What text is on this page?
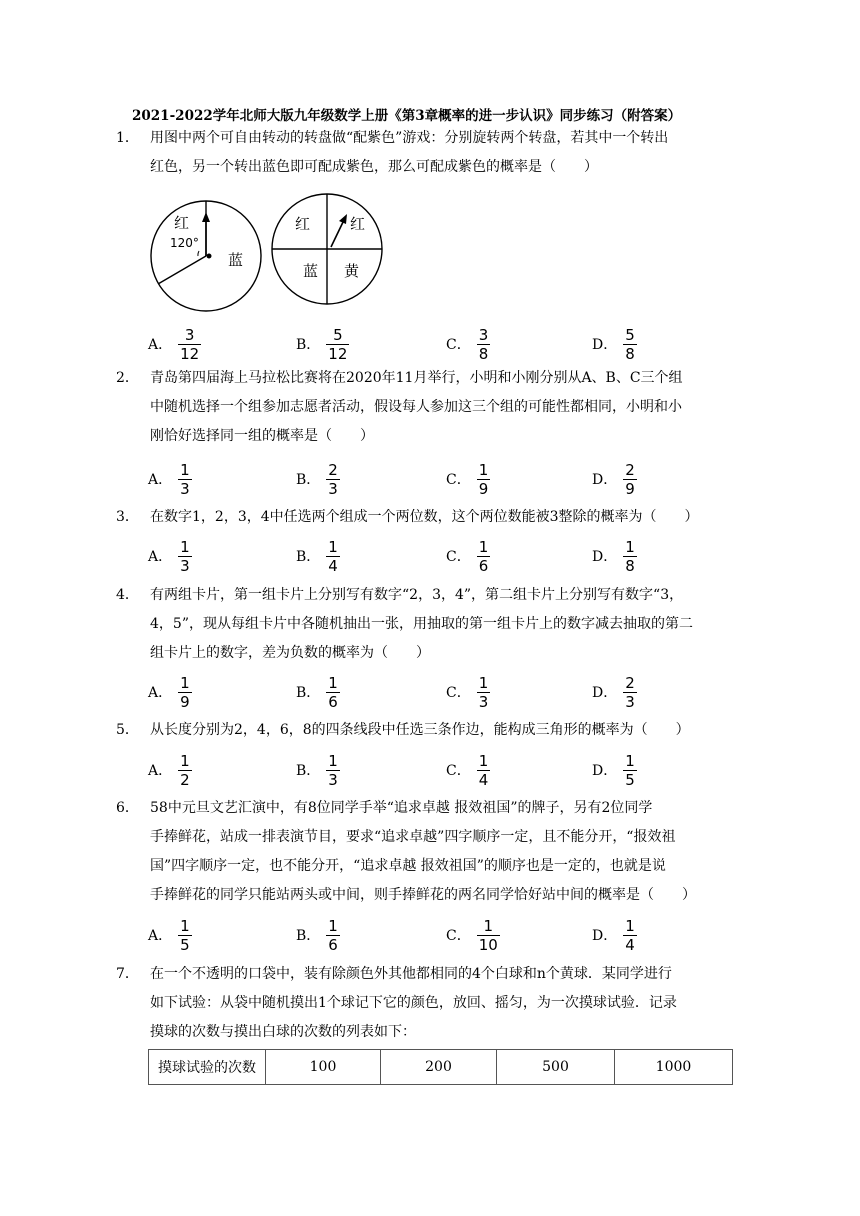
2021-2022学年北师大版九年级数学上册《第3章概率的进一步认识》同步练习（附答案）
1． 用图中两个可自由转动的转盘做“配紫色”游戏：分别旋转两个转盘，若其中一个转出
红色，另一个转出蓝色即可配成紫色，那么可配成紫色的概率是（　　）
红
120°
蓝
红	红
蓝 黄
A． $\frac{3}{12}$	B． $\frac{5}{12}$	C． $\frac{3}{8}$	D． $\frac{5}{8}$
2． 青岛第四届海上马拉松比赛将在2020年11月举行，小明和小刚分别从A、B、C三个组
中随机选择一个组参加志愿者活动，假设每人参加这三个组的可能性都相同，小明和小
刚恰好选择同一组的概率是（　　）
A． $\frac{1}{3}$	B． $\frac{2}{3}$	C． $\frac{1}{9}$	D． $\frac{2}{9}$
3． 在数字1，2，3，4中任选两个组成一个两位数，这个两位数能被3整除的概率为（　　）
A． $\frac{1}{3}$	B． $\frac{1}{4}$	C． $\frac{1}{6}$	D． $\frac{1}{8}$
4． 有两组卡片，第一组卡片上分别写有数字“2，3，4”，第二组卡片上分别写有数字“3，
4，5”，现从每组卡片中各随机抽出一张，用抽取的第一组卡片上的数字减去抽取的第二
组卡片上的数字，差为负数的概率为（　　）
A． $\frac{1}{9}$	B． $\frac{1}{6}$	C． $\frac{1}{3}$	D． $\frac{2}{3}$
5． 从长度分别为2，4，6，8的四条线段中任选三条作边，能构成三角形的概率为（　　）
A． $\frac{1}{2}$	B． $\frac{1}{3}$	C． $\frac{1}{4}$	D． $\frac{1}{5}$
6． 58中元旦文艺汇演中，有8位同学手举“追求卓越 报效祖国”的牌子，另有2位同学
手捧鲜花，站成一排表演节目，要求“追求卓越”四字顺序一定，且不能分开，“报效祖
国”四字顺序一定，也不能分开，“追求卓越 报效祖国”的顺序也是一定的，也就是说
手捧鲜花的同学只能站两头或中间，则手捧鲜花的两名同学恰好站中间的概率是（　　）
A． $\frac{1}{5}$	B． $\frac{1}{6}$	C． $\frac{1}{10}$	D． $\frac{1}{4}$
7． 在一个不透明的口袋中，装有除颜色外其他都相同的4个白球和n个黄球．某同学进行
如下试验：从袋中随机摸出1个球记下它的颜色，放回、摇匀，为一次摸球试验．记录
摸球的次数与摸出白球的次数的列表如下：
摸球试验的次数	100	200	500	1000
